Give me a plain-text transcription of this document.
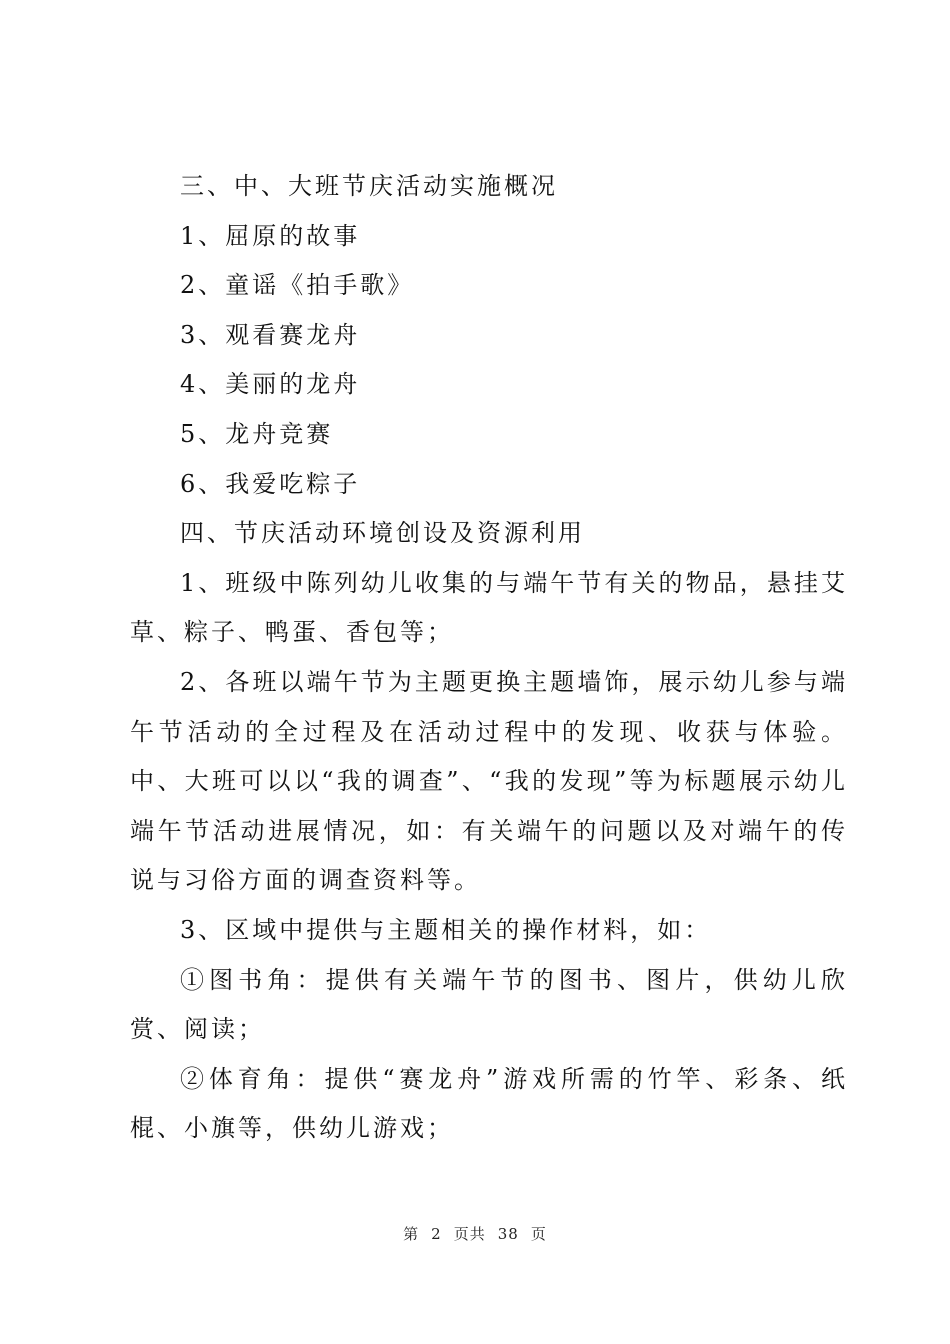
三、中、大班节庆活动实施概况

1、屈原的故事

2、童谣《拍手歌》

3、观看赛龙舟

4、美丽的龙舟

5、龙舟竞赛

6、我爱吃粽子

四、节庆活动环境创设及资源利用

1、班级中陈列幼儿收集的与端午节有关的物品，悬挂艾草、粽子、鸭蛋、香包等；

2、各班以端午节为主题更换主题墙饰，展示幼儿参与端午节活动的全过程及在活动过程中的发现、收获与体验。中、大班可以以“我的调查”、“我的发现”等为标题展示幼儿端午节活动进展情况，如：有关端午的问题以及对端午的传说与习俗方面的调查资料等。

3、区域中提供与主题相关的操作材料，如：

①图书角：提供有关端午节的图书、图片，供幼儿欣赏、阅读；

②体育角：提供“赛龙舟”游戏所需的竹竿、彩条、纸棍、小旗等，供幼儿游戏；

第 2 页共 38 页
